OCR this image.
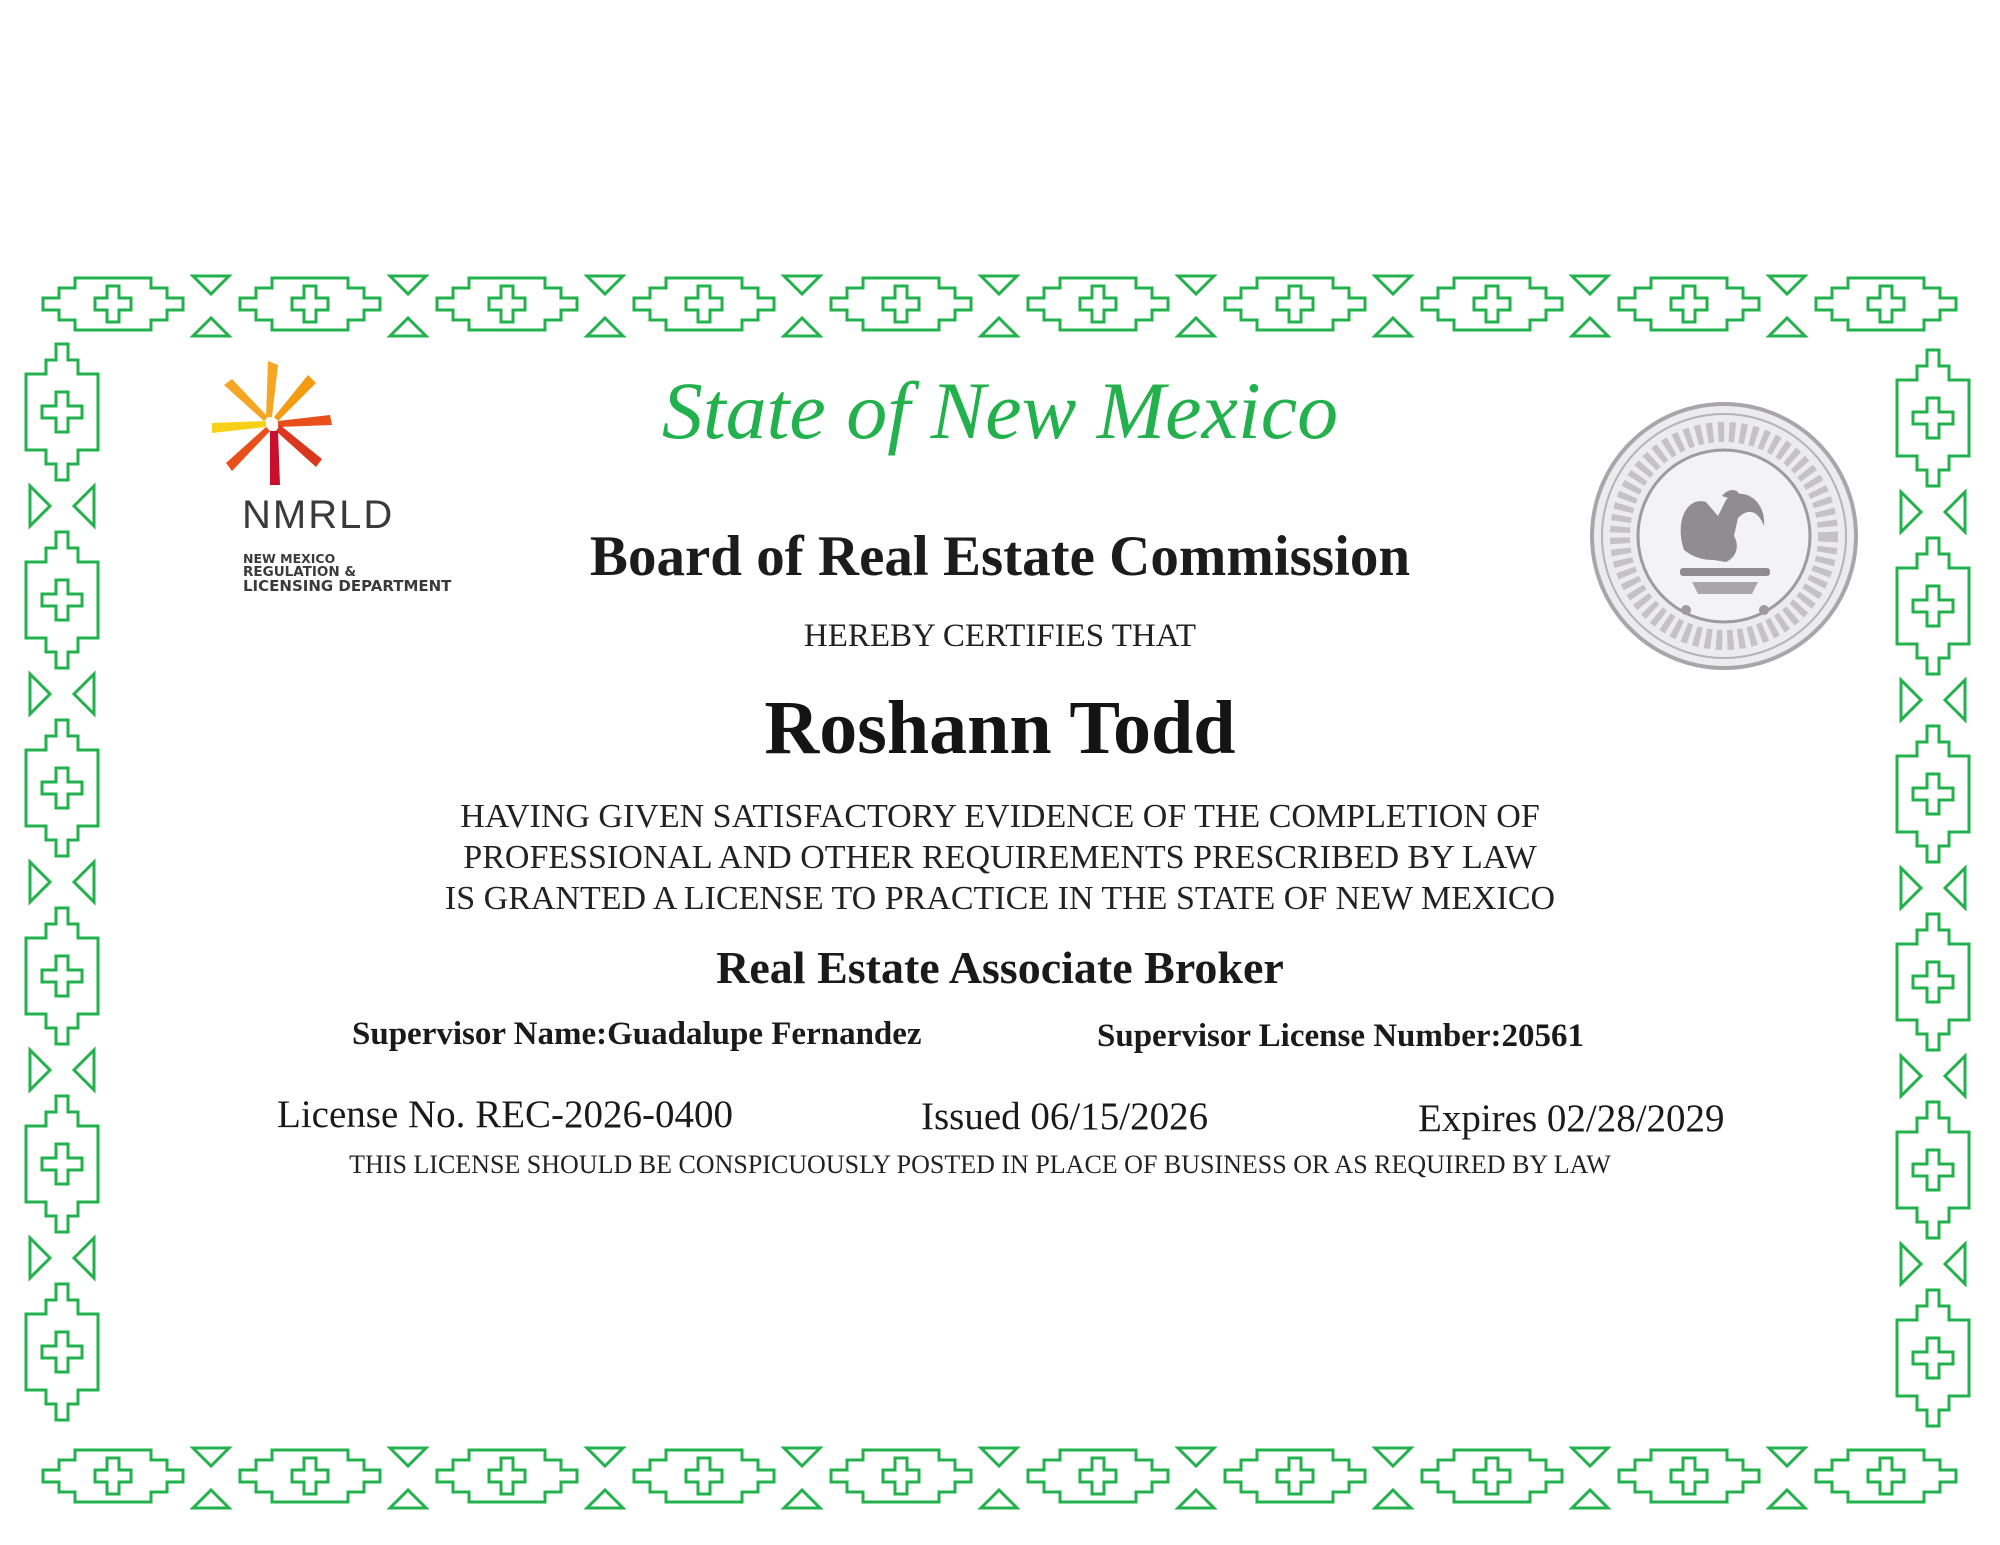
NMRLD
NEW MEXICO
REGULATION &
LICENSING DEPARTMENT
State of New Mexico
Board of Real Estate Commission
HEREBY CERTIFIES THAT
Roshann Todd
HAVING GIVEN SATISFACTORY EVIDENCE OF THE COMPLETION OF
PROFESSIONAL AND OTHER REQUIREMENTS PRESCRIBED BY LAW
IS GRANTED A LICENSE TO PRACTICE IN THE STATE OF NEW MEXICO
Real Estate Associate Broker
Supervisor Name:Guadalupe Fernandez	Supervisor License Number:20561
License No. REC-2026-0400	Issued 06/15/2026	Expires 02/28/2029
THIS LICENSE SHOULD BE CONSPICUOUSLY POSTED IN PLACE OF BUSINESS OR AS REQUIRED BY LAW
